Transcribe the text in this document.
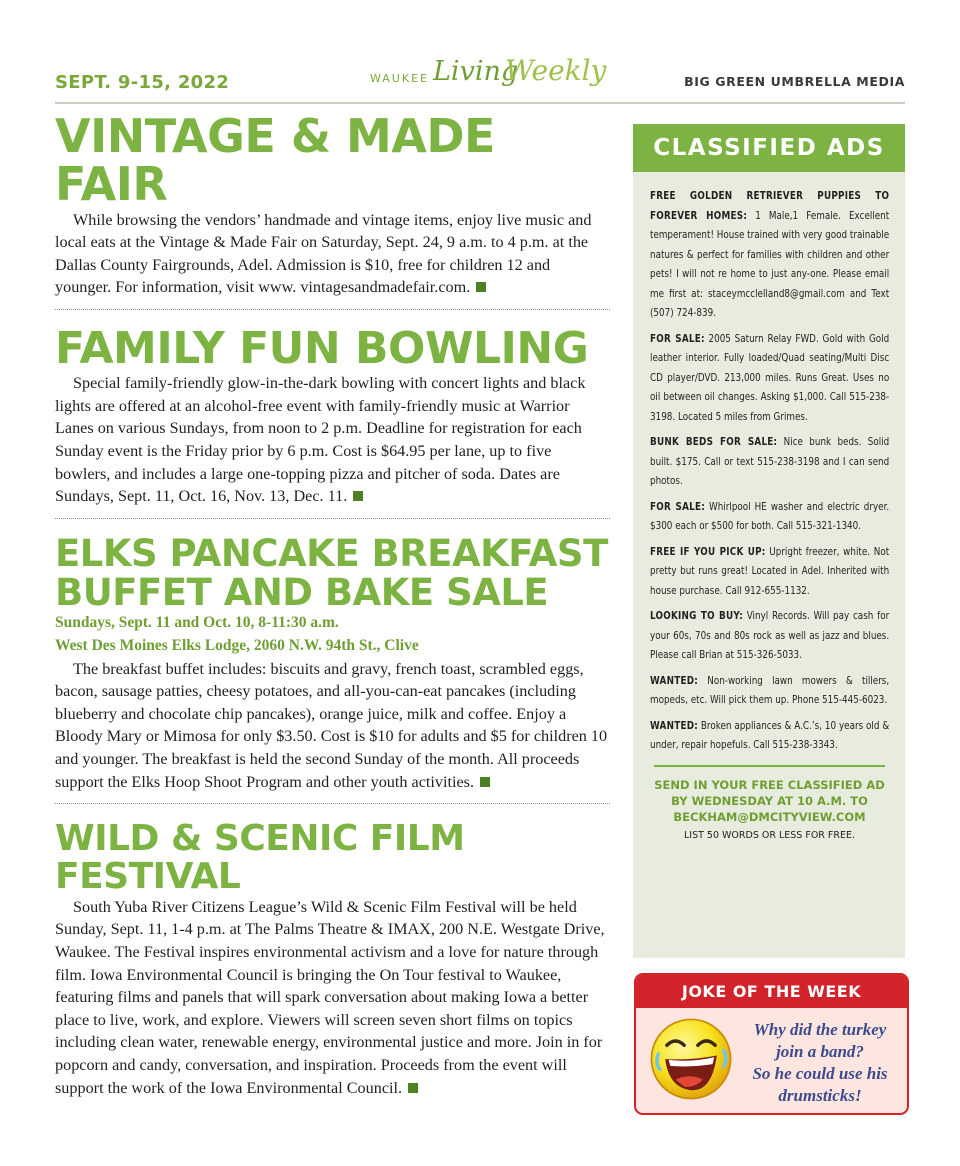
SEPT. 9-15, 2022	WAUKEE Living
Weekly	BIG GREEN UMBRELLA MEDIA
VINTAGE & MADE FAIR

While browsing the vendors’ handmade and vintage items, enjoy live music and local eats at the Vintage & Made Fair on Saturday, Sept. 24, 9 a.m. to 4 p.m. at the Dallas County Fairgrounds, Adel. Admission is $10, free for children 12 and younger. For information, visit www. vintagesandmadefair.com.

FAMILY FUN BOWLING

Special family-friendly glow-in-the-dark bowling with concert lights and black lights are offered at an alcohol-free event with family-friendly music at Warrior Lanes on various Sundays, from noon to 2 p.m. Deadline for registration for each Sunday event is the Friday prior by 6 p.m. Cost is $64.95 per lane, up to five bowlers, and includes a large one-topping pizza and pitcher of soda. Dates are Sundays, Sept. 11, Oct. 16, Nov. 13, Dec. 11.

ELKS PANCAKE BREAKFAST BUFFET AND BAKE SALE
Sundays, Sept. 11 and Oct. 10, 8-11:30 a.m.
West Des Moines Elks Lodge, 2060 N.W. 94th St., Clive

The breakfast buffet includes: biscuits and gravy, french toast, scrambled eggs, bacon, sausage patties, cheesy potatoes, and all-you-can-eat pancakes (including blueberry and chocolate chip pancakes), orange juice, milk and coffee. Enjoy a Bloody Mary or Mimosa for only $3.50. Cost is $10 for adults and $5 for children 10 and younger. The breakfast is held the second Sunday of the month. All proceeds support the Elks Hoop Shoot Program and other youth activities.

WILD & SCENIC FILM FESTIVAL

South Yuba River Citizens League’s Wild & Scenic Film Festival will be held Sunday, Sept. 11, 1-4 p.m. at The Palms Theatre & IMAX, 200 N.E. Westgate Drive, Waukee. The Festival inspires environmental activism and a love for nature through film. Iowa Environmental Council is bringing the On Tour festival to Waukee, featuring films and panels that will spark conversation about making Iowa a better place to live, work, and explore. Viewers will screen seven short films on topics including clean water, renewable energy, environmental justice and more. Join in for popcorn and candy, conversation, and inspiration. Proceeds from the event will support the work of the Iowa Environmental Council.

CLASSIFIED ADS
FREE GOLDEN RETRIEVER PUPPIES TO FOREVER HOMES: 1 Male,1 Female. Excellent temperament! House trained with very good trainable natures & perfect for families with children and other pets! I will not re home to just any-one. Please email me first at: staceymcclelland8@gmail.com and Text (507) 724-839.
FOR SALE: 2005 Saturn Relay FWD. Gold with Gold leather interior. Fully loaded/Quad seating/Multi Disc CD player/DVD. 213,000 miles. Runs Great. Uses no oil between oil changes. Asking $1,000. Call 515-238-3198. Located 5 miles from Grimes.
BUNK BEDS FOR SALE: Nice bunk beds. Solid built. $175. Call or text 515-238-3198 and I can send photos.
FOR SALE: Whirlpool HE washer and electric dryer. $300 each or $500 for both. Call 515-321-1340.
FREE IF YOU PICK UP: Upright freezer, white. Not pretty but runs great! Located in Adel. Inherited with house purchase. Call 912-655-1132.
LOOKING TO BUY: Vinyl Records. Will pay cash for your 60s, 70s and 80s rock as well as jazz and blues. Please call Brian at 515-326-5033.
WANTED: Non-working lawn mowers & tillers, mopeds, etc. Will pick them up. Phone 515-445-6023.
WANTED: Broken appliances & A.C.’s, 10 years old & under, repair hopefuls. Call 515-238-3343.
SEND IN YOUR FREE CLASSIFIED AD
BY WEDNESDAY AT 10 A.M. TO
BECKHAM@DMCITYVIEW.COM
LIST 50 WORDS OR LESS FOR FREE.
JOKE OF THE WEEK
Why did the turkey join a band?
So he could use his drumsticks!
